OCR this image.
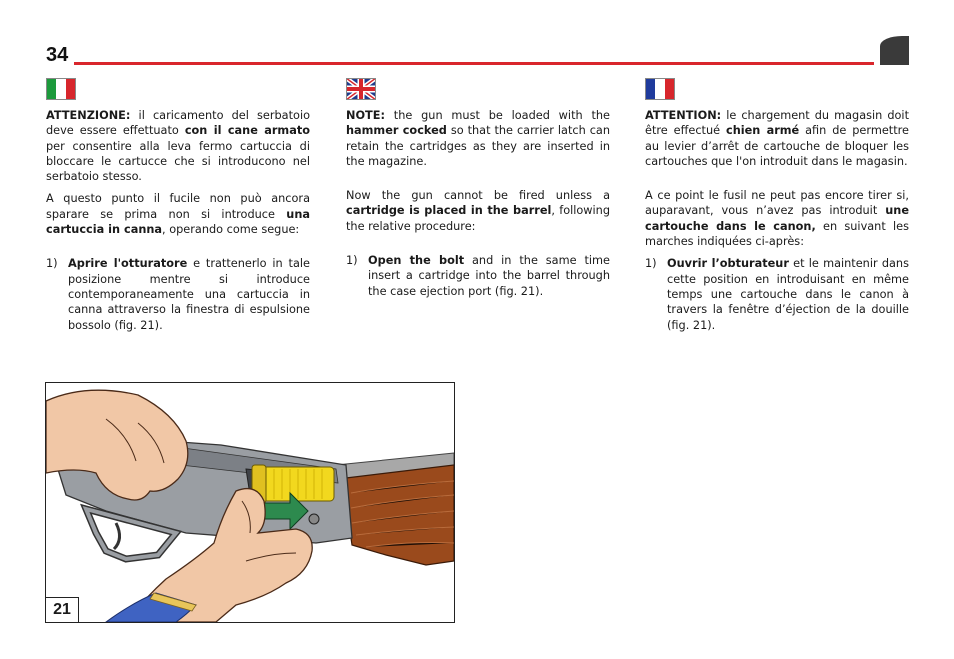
34

ATTENZIONE: il caricamento del serbatoio deve essere effettuato con il cane armato per consentire alla leva fermo cartuccia di bloccare le cartucce che si introducono nel serbatoio stesso.

A questo punto il fucile non può ancora sparare se prima non si introduce una cartuccia in canna, operando come segue:

1) Aprire l'otturatore e trattenerlo in tale posizione mentre si introduce contemporaneamente una cartuccia in canna attraverso la finestra di espulsione bossolo (fig. 21).

NOTE: the gun must be loaded with the hammer cocked so that the carrier latch can retain the cartridges as they are inserted in the magazine.

Now the gun cannot be fired unless a cartridge is placed in the barrel, following the relative procedure:

1) Open the bolt and in the same time insert a cartridge into the barrel through the case ejection port (fig. 21).

ATTENTION: le chargement du magasin doit être effectué chien armé afin de permettre au levier d’arrêt de cartouche de bloquer les cartouches que l'on introduit dans le magasin.

A ce point le fusil ne peut pas encore tirer si, auparavant, vous n’avez pas introduit une cartouche dans le canon, en suivant les marches indiquées ci-après:

1) Ouvrir l’obturateur et le maintenir dans cette position en introduisant en même temps une cartouche dans le canon à travers la fenêtre d’éjection de la douille (fig. 21).

21
